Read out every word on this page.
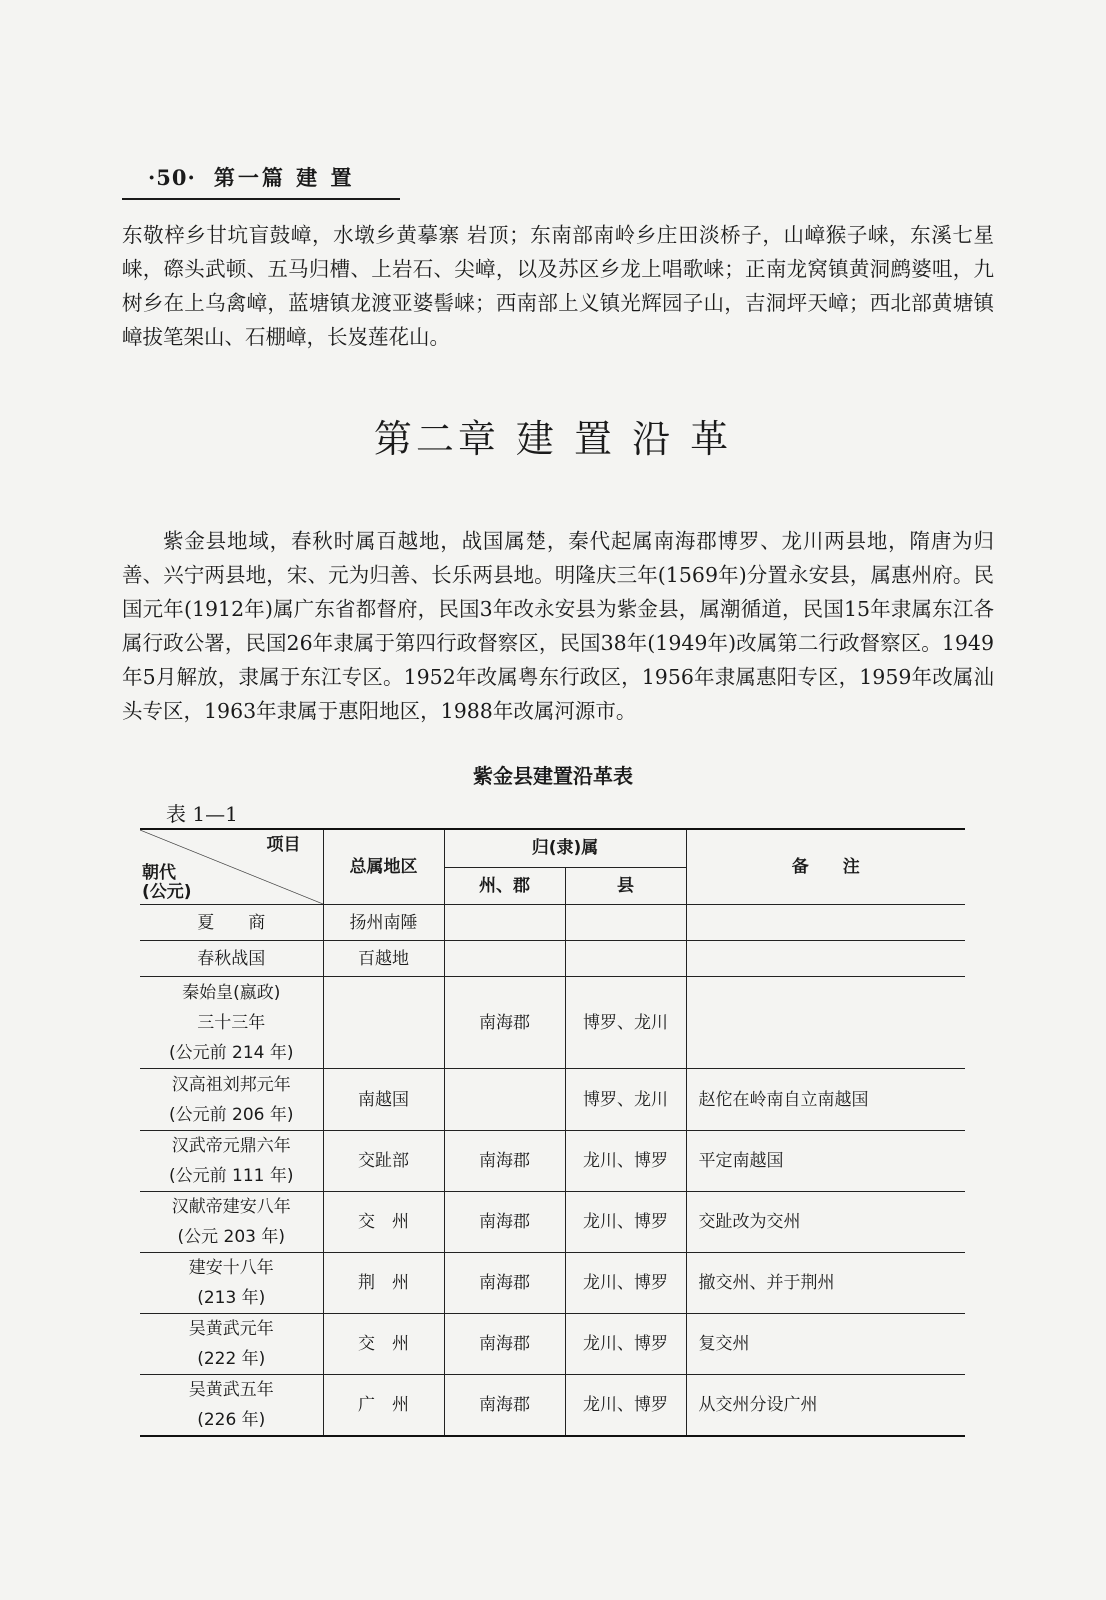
·50· 第一篇 建 置

东敬梓乡甘坑盲鼓嶂，水墩乡黄摹寨 岩顶；东南部南岭乡庄田淡桥子，山嶂猴子崃，东溪七星崃，磜头武顿、五马归槽、上岩石、尖嶂，以及苏区乡龙上唱歌崃；正南龙窝镇黄洞鹧婆咀，九树乡在上乌禽嶂，蓝塘镇龙渡亚婆髻崃；西南部上义镇光辉园子山，吉洞坪天嶂；西北部黄塘镇嶂拔笔架山、石棚嶂，长岌莲花山。

第二章 建 置 沿 革

紫金县地域，春秋时属百越地，战国属楚，秦代起属南海郡博罗、龙川两县地，隋唐为归善、兴宁两县地，宋、元为归善、长乐两县地。明隆庆三年(1569年)分置永安县，属惠州府。民国元年(1912年)属广东省都督府，民国3年改永安县为紫金县，属潮循道，民国15年隶属东江各属行政公署，民国26年隶属于第四行政督察区，民国38年(1949年)改属第二行政督察区。1949年5月解放，隶属于东江专区。1952年改属粤东行政区，1956年隶属惠阳专区，1959年改属汕头专区，1963年隶属于惠阳地区，1988年改属河源市。

紫金县建置沿革表
表 1—1
项目
朝代
(公元)	总属地区	归(隶)属		备　　注
		州、郡	县	

夏　　商	扬州南陲			

春秋战国	百越地			

秦始皇(嬴政)
三十三年
(公元前 214 年)		南海郡	博罗、龙川	

汉高祖刘邦元年
(公元前 206 年)	南越国		博罗、龙川	赵佗在岭南自立南越国

汉武帝元鼎六年
(公元前 111 年)	交趾部	南海郡	龙川、博罗	平定南越国

汉献帝建安八年
(公元 203 年)	交　州	南海郡	龙川、博罗	交趾改为交州

建安十八年
(213 年)	荆　州	南海郡	龙川、博罗	撤交州、并于荆州

吴黄武元年
(222 年)	交　州	南海郡	龙川、博罗	复交州

吴黄武五年
(226 年)	广　州	南海郡	龙川、博罗	从交州分设广州
